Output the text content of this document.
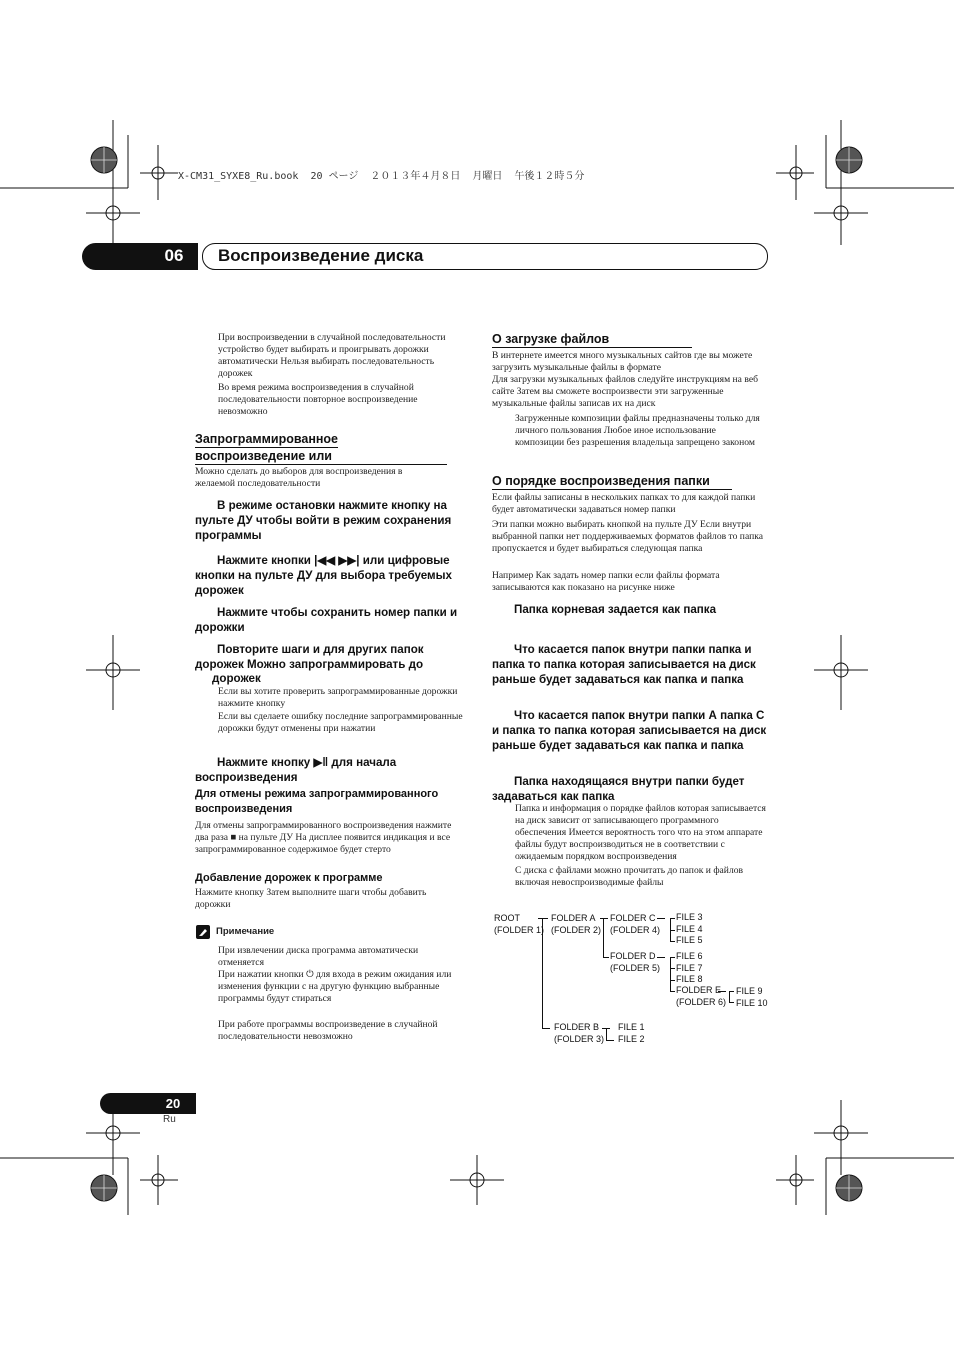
X-CM31_SYXE8_Ru.book  20 ページ  ２０１３年４月８日  月曜日  午後１２時５分
06	Воспроизведение диска
При воспроизведении в случайной последовательности устройство будет выбирать и проигрывать дорожки автоматически Нельзя выбирать последовательность дорожек
Во время режима воспроизведения в случайной последовательности повторное воспроизведение невозможно
Запрограммированное

воспроизведение или
Можно сделать до выборов для воспроизведения в желаемой последовательности
В режиме остановки нажмите кнопку на пульте ДУ чтобы войти в режим сохранения программы
Нажмите кнопки |◀◀ ▶▶| или цифровые кнопки на пульте ДУ для выбора требуемых дорожек
Нажмите чтобы сохранить номер папки и дорожки
Повторите шаги и для других папок дорожек Можно запрограммировать до
дорожек
Если вы хотите проверить запрограммированные дорожки нажмите кнопку
Если вы сделаете ошибку последние запрограммированные дорожки будут отменены при нажатии
Нажмите кнопку ▶ǁ для начала воспроизведения
Для отмены режима запрограммированного воспроизведения
Для отмены запрограммированного воспроизведения нажмите два раза ■ на пульте ДУ На дисплее появится индикация и все запрограммированное содержимое будет стерто
Добавление дорожек к программе
Нажмите кнопку Затем выполните шаги чтобы добавить дорожки
Примечание
При извлечении диска программа автоматически отменяется
При нажатии кнопки ⏻ для входа в режим ожидания или изменения функции с на другую функцию выбранные программы будут стираться
При работе программы воспроизведение в случайной последовательности невозможно
О загрузке файлов
В интернете имеется много музыкальных сайтов где вы можете загрузить музыкальные файлы в формате
Для загрузки музыкальных файлов следуйте инструкциям на веб сайте Затем вы сможете воспроизвести эти загруженные музыкальные файлы записав их на диск
Загруженные композиции файлы предназначены только для личного пользования Любое иное использование композиции без разрешения владельца запрещено законом
О порядке воспроизведения папки
Если файлы записаны в нескольких папках то для каждой папки будет автоматически задаваться номер папки
Эти папки можно выбирать кнопкой на пульте ДУ Если внутри выбранной папки нет поддерживаемых форматов файлов то папка пропускается и будет выбираться следующая папка
Например Как задать номер папки если файлы формата записываются как показано на рисунке ниже
Папка корневая задается как папка
Что касается папок внутри папки папка и папка то папка которая записывается на диск раньше будет задаваться как папка и папка
Что касается папок внутри папки А папка С и папка то папка которая записывается на диск раньше будет задаваться как папка и папка
Папка находящаяся внутри папки будет задаваться как папка
Папка и информация о порядке файлов которая записывается на диск зависит от записывающего программного обеспечения Имеется вероятность того что на этом аппарате файлы будут воспроизводиться не в соответствии с ожидаемым порядком воспроизведения
С диска с файлами можно прочитать до папок и файлов включая невоспроизводимые файлы
ROOT
(FOLDER 1)
FOLDER A
(FOLDER 2)
FOLDER C
(FOLDER 4)
FILE 3
FILE 4
FILE 5
FOLDER D
(FOLDER 5)
FILE 6
FILE 7
FILE 8
FOLDER E
(FOLDER 6)
FILE 9
FILE 10
FOLDER B
(FOLDER 3)
FILE 1
FILE 2
20
Ru
